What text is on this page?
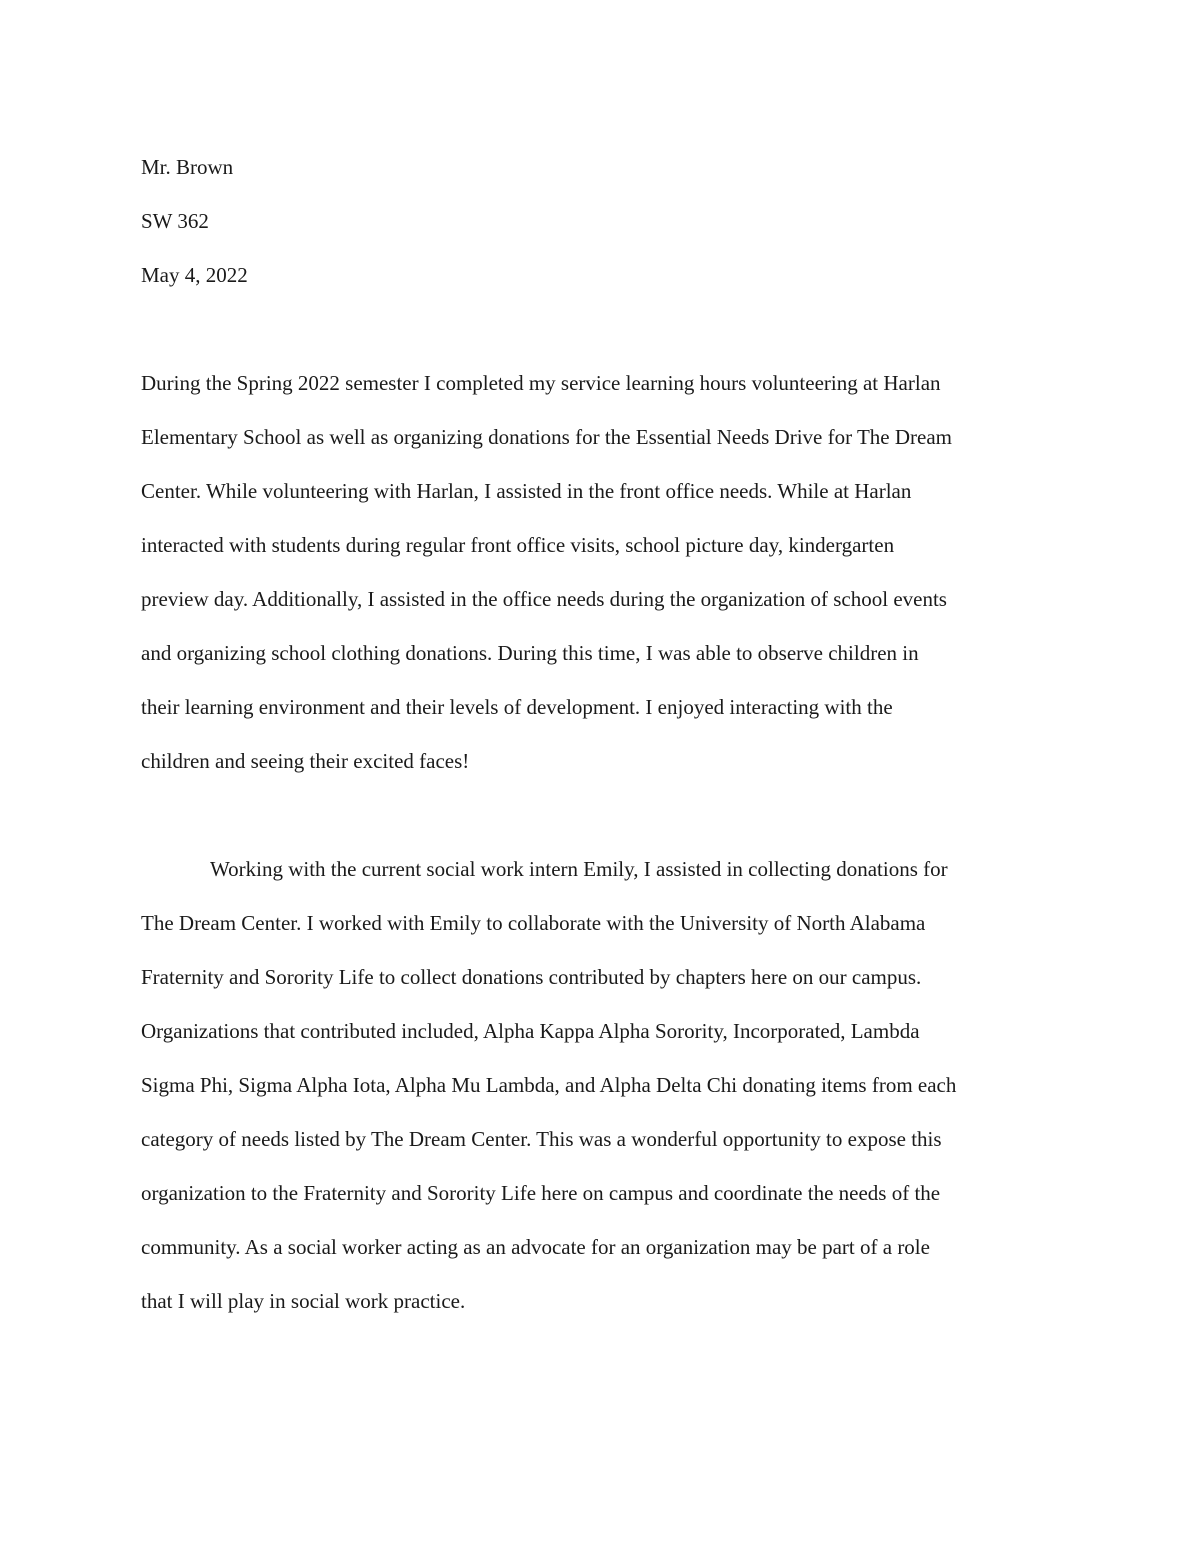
Mr. Brown

SW 362

May 4, 2022

During the Spring 2022 semester I completed my service learning hours volunteering at Harlan
Elementary School as well as organizing donations for the Essential Needs Drive for The Dream
Center. While volunteering with Harlan, I assisted in the front office needs. While at Harlan
interacted with students during regular front office visits, school picture day, kindergarten
preview day. Additionally, I assisted in the office needs during the organization of school events
and organizing school clothing donations. During this time, I was able to observe children in
their learning environment and their levels of development. I enjoyed interacting with the
children and seeing their excited faces!

Working with the current social work intern Emily, I assisted in collecting donations for
The Dream Center. I worked with Emily to collaborate with the University of North Alabama
Fraternity and Sorority Life to collect donations contributed by chapters here on our campus.
Organizations that contributed included, Alpha Kappa Alpha Sorority, Incorporated, Lambda
Sigma Phi, Sigma Alpha Iota, Alpha Mu Lambda, and Alpha Delta Chi donating items from each
category of needs listed by The Dream Center. This was a wonderful opportunity to expose this
organization to the Fraternity and Sorority Life here on campus and coordinate the needs of the
community. As a social worker acting as an advocate for an organization may be part of a role
that I will play in social work practice.
